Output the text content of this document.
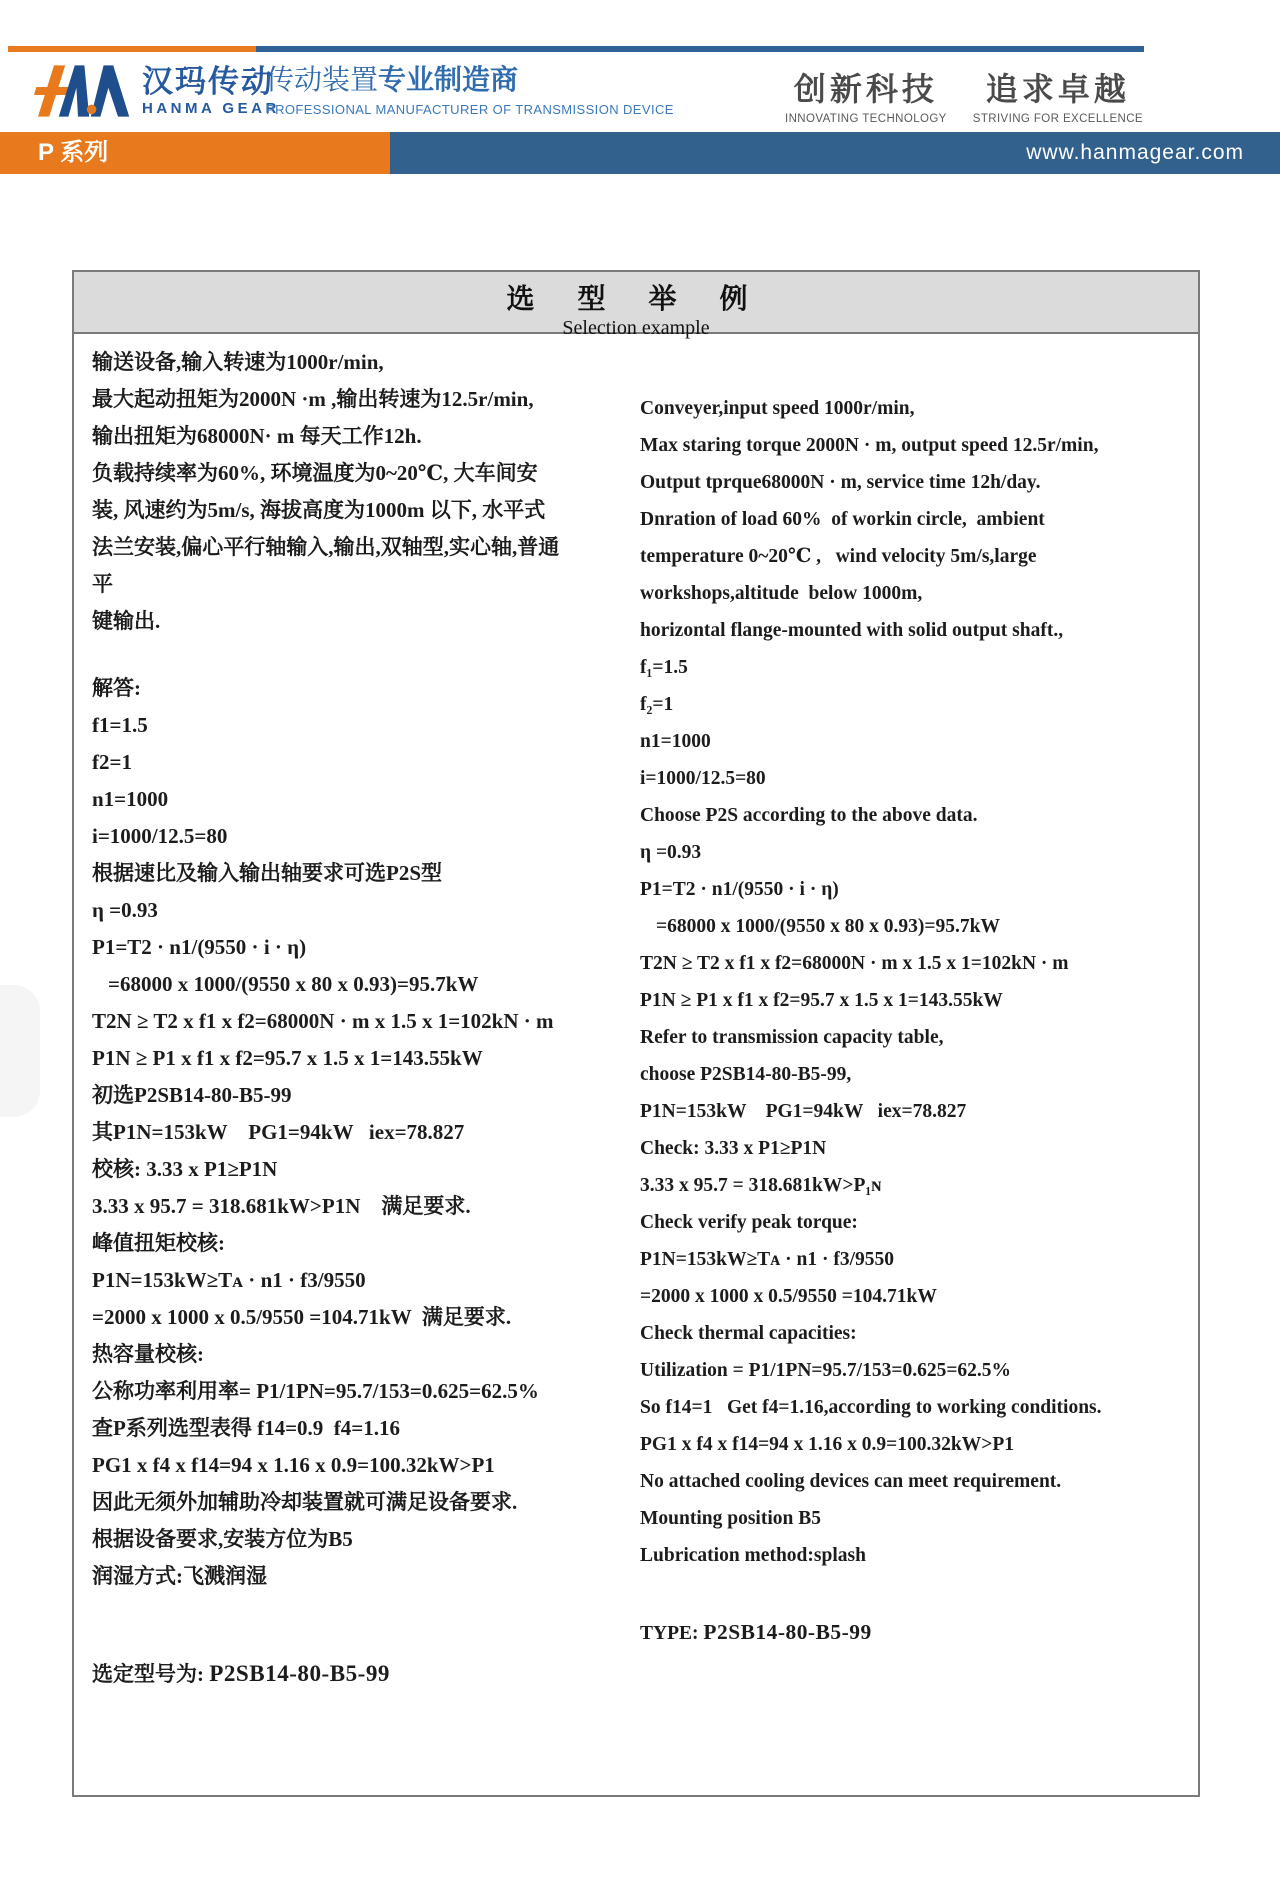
汉玛传动
HANMA GEAR
传动装置专业制造商
PROFESSIONAL MANUFACTURER OF TRANSMISSION DEVICE
创新科技
INNOVATING TECHNOLOGY
追求卓越
STRIVING FOR EXCELLENCE
P 系列	www.hanmagear.com
选 型 举 例
Selection example
输送设备,输入转速为1000r/min,
最大起动扭矩为2000N ·m ,输出转速为12.5r/min,
输出扭矩为68000N· m 每天工作12h.
负载持续率为60%, 环境温度为0~20℃, 大车间安
装, 风速约为5m/s, 海拔高度为1000m 以下, 水平式
法兰安装,偏心平行轴输入,输出,双轴型,实心轴,普通平
键输出.
解答:
f1=1.5
f2=1
n1=1000
i=1000/12.5=80
根据速比及输入输出轴要求可选P2S型
η =0.93
P1=T2 · n1/(9550 · i · η)
=68000 x 1000/(9550 x 80 x 0.93)=95.7kW
T2N ≥ T2 x f1 x f2=68000N · m x 1.5 x 1=102kN · m
P1N ≥ P1 x f1 x f2=95.7 x 1.5 x 1=143.55kW
初选P2SB14-80-B5-99
其P1N=153kW    PG1=94kW   iex=78.827
校核: 3.33 x P1≥P1N
3.33 x 95.7 = 318.681kW>P1N    满足要求.
峰值扭矩校核:
P1N=153kW≥Tᴀ · n1 · f3/9550
=2000 x 1000 x 0.5/9550 =104.71kW  满足要求.
热容量校核:
公称功率利用率= P1/1PN=95.7/153=0.625=62.5%
查P系列选型表得 f14=0.9  f4=1.16
PG1 x f4 x f14=94 x 1.16 x 0.9=100.32kW>P1
因此无须外加辅助冷却装置就可满足设备要求.
根据设备要求,安装方位为B5
润湿方式:飞溅润湿
选定型号为: P2SB14-80-B5-99
Conveyer,input speed 1000r/min,
Max staring torque 2000N · m, output speed 12.5r/min,
Output tprque68000N · m, service time 12h/day.
Dnration of load 60%  of workin circle,  ambient
temperature 0~20℃ ,   wind velocity 5m/s,large
workshops,altitude  below 1000m,
horizontal flange-mounted with solid output shaft.,
f₁=1.5
f₂=1
n1=1000
i=1000/12.5=80
Choose P2S according to the above data.
η =0.93
P1=T2 · n1/(9550 · i · η)
=68000 x 1000/(9550 x 80 x 0.93)=95.7kW
T2N ≥ T2 x f1 x f2=68000N · m x 1.5 x 1=102kN · m
P1N ≥ P1 x f1 x f2=95.7 x 1.5 x 1=143.55kW
Refer to transmission capacity table,
choose P2SB14-80-B5-99,
P1N=153kW    PG1=94kW   iex=78.827
Check: 3.33 x P1≥P1N
3.33 x 95.7 = 318.681kW>P₁ɴ
Check verify peak torque:
P1N=153kW≥Tᴀ · n1 · f3/9550
=2000 x 1000 x 0.5/9550 =104.71kW
Check thermal capacities:
Utilization = P1/1PN=95.7/153=0.625=62.5%
So f14=1   Get f4=1.16,according to working conditions.
PG1 x f4 x f14=94 x 1.16 x 0.9=100.32kW>P1
No attached cooling devices can meet requirement.
Mounting position B5
Lubrication method:splash
TYPE: P2SB14-80-B5-99
